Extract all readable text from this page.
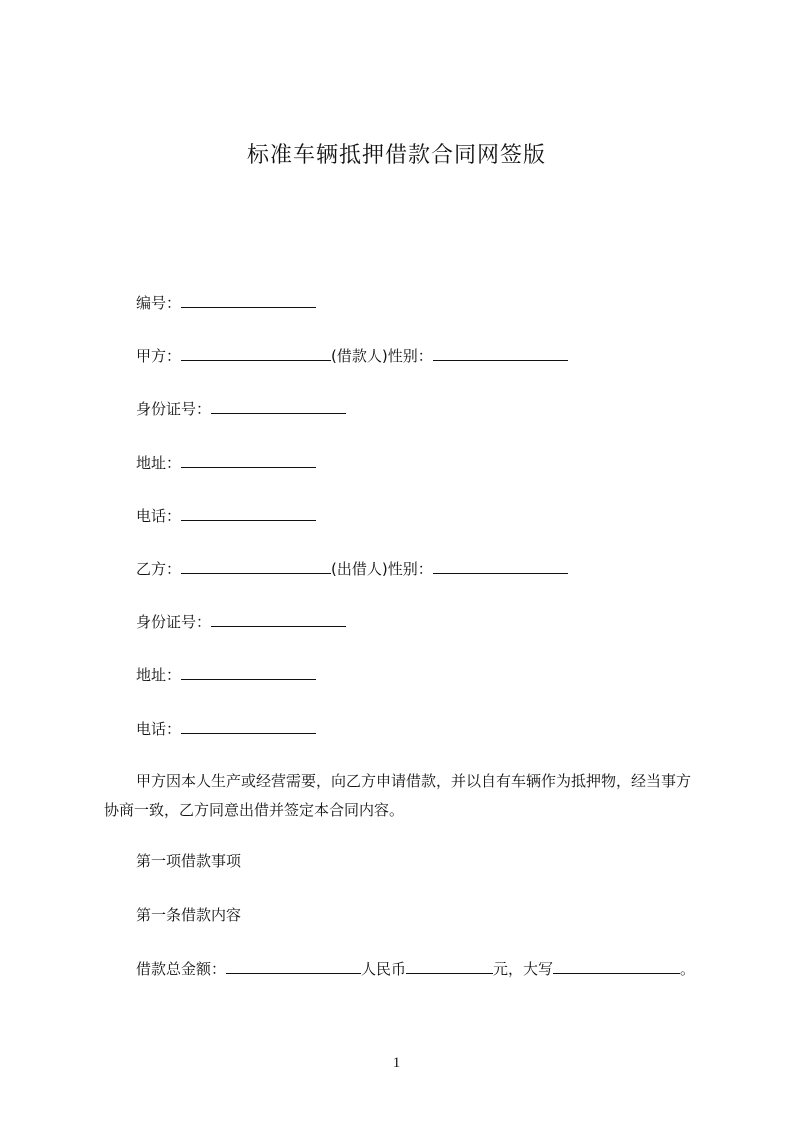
标准车辆抵押借款合同网签版
编号：
甲方：	(借款人)性别：
身份证号：
地址：
电话：
乙方：	(出借人)性别：
身份证号：
地址：
电话：
甲方因本人生产或经营需要，向乙方申请借款，并以自有车辆作为抵押物，经当事方协商一致，乙方同意出借并签定本合同内容。
第一项借款事项
第一条借款内容
借款总金额：	人民币	元，大写	。
1
